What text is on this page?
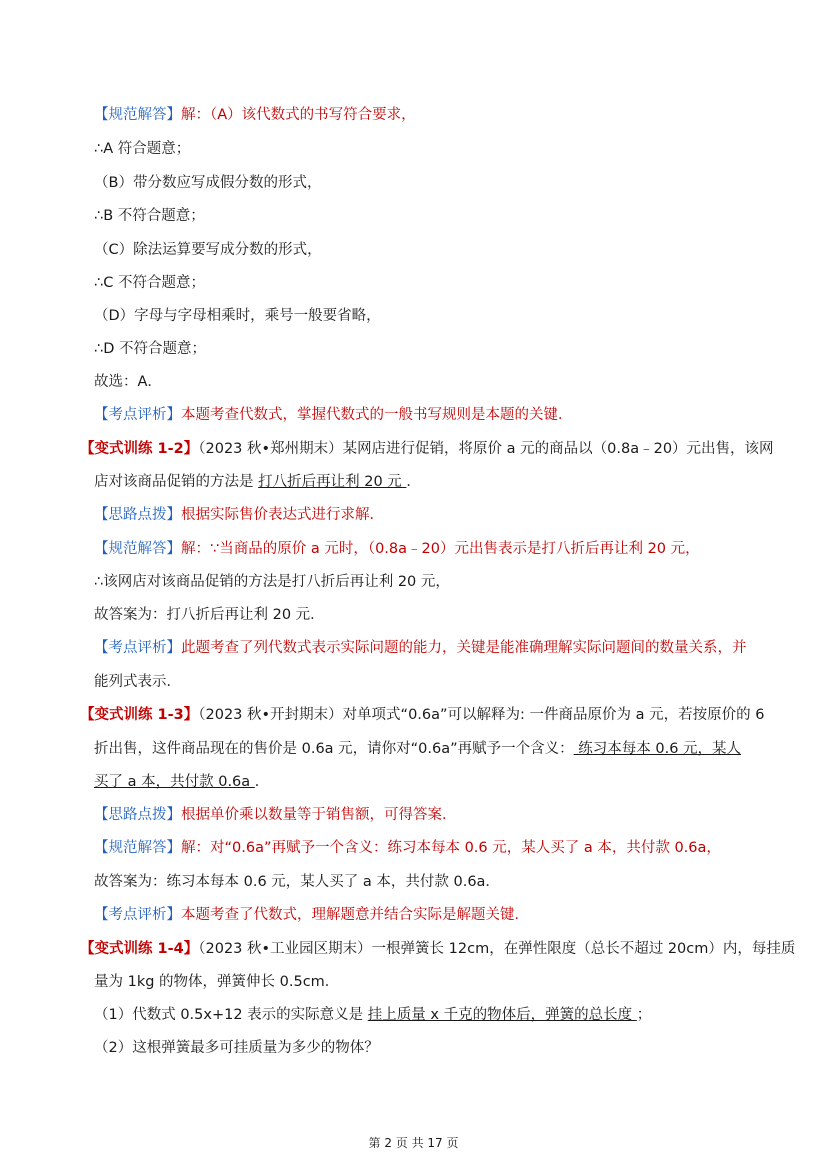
【规范解答】解：（A）该代数式的书写符合要求，
∴A 符合题意；
（B）带分数应写成假分数的形式，
∴B 不符合题意；
（C）除法运算要写成分数的形式，
∴C 不符合题意；
（D）字母与字母相乘时，乘号一般要省略，
∴D 不符合题意；
故选：A．
【考点评析】本题考查代数式，掌握代数式的一般书写规则是本题的关键．
【变式训练 1-2】（2023 秋•郑州期末）某网店进行促销，将原价 a 元的商品以（0.8a﹣20）元出售，该网
店对该商品促销的方法是 打八折后再让利 20 元 ．
【思路点拨】根据实际售价表达式进行求解．
【规范解答】解：∵当商品的原价 a 元时，（0.8a﹣20）元出售表示是打八折后再让利 20 元，
∴该网店对该商品促销的方法是打八折后再让利 20 元，
故答案为：打八折后再让利 20 元．
【考点评析】此题考查了列代数式表示实际问题的能力，关键是能准确理解实际问题间的数量关系，并
能列式表示．
【变式训练 1-3】（2023 秋•开封期末）对单项式“0.6a”可以解释为: 一件商品原价为 a 元，若按原价的 6
折出售，这件商品现在的售价是 0.6a 元，请你对“0.6a”再赋予一个含义： 练习本每本 0.6 元，某人
买了 a 本，共付款 0.6a ．
【思路点拨】根据单价乘以数量等于销售额，可得答案．
【规范解答】解：对“0.6a”再赋予一个含义：练习本每本 0.6 元，某人买了 a 本，共付款 0.6a，
故答案为：练习本每本 0.6 元，某人买了 a 本，共付款 0.6a．
【考点评析】本题考查了代数式，理解题意并结合实际是解题关键．
【变式训练 1-4】（2023 秋•工业园区期末）一根弹簧长 12cm，在弹性限度（总长不超过 20cm）内，每挂质
量为 1kg 的物体，弹簧伸长 0.5cm．
（1）代数式 0.5x+12 表示的实际意义是 挂上质量 x 千克的物体后，弹簧的总长度 ；
（2）这根弹簧最多可挂质量为多少的物体？
第 2 页 共 17 页
